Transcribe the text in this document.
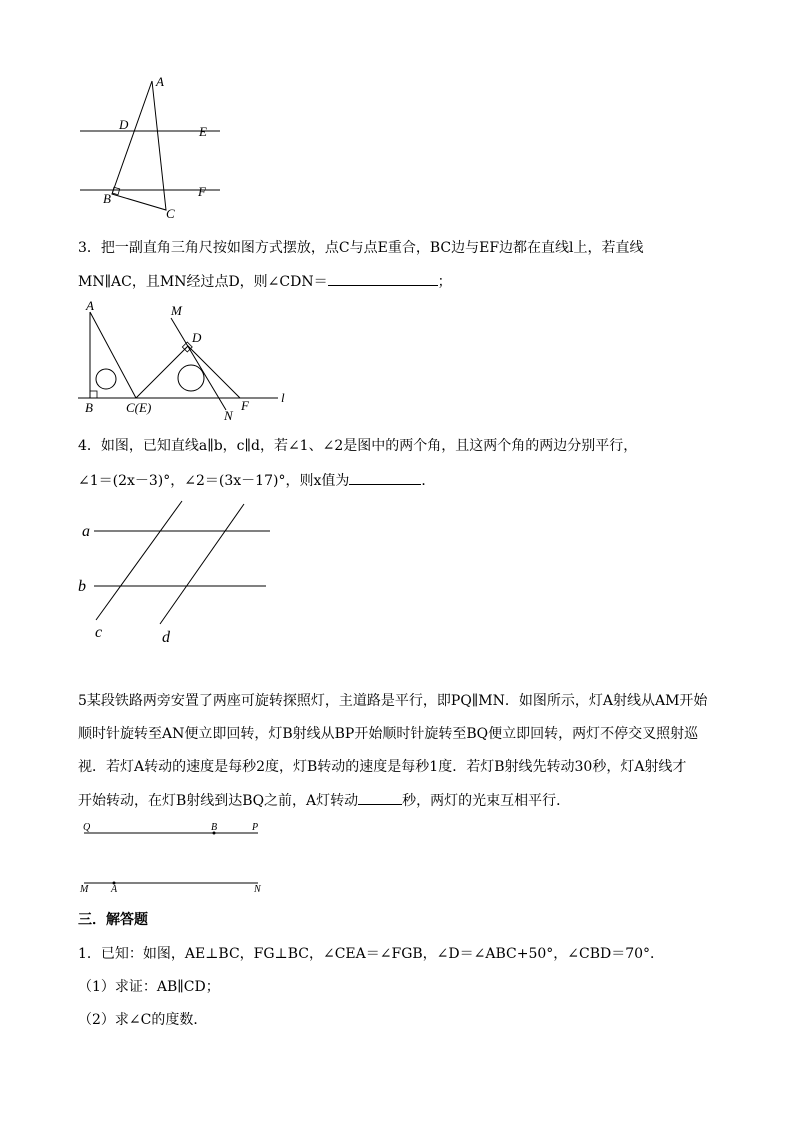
A
D	E
B	F
C
3．把一副直角三角尺按如图方式摆放，点C与点E重合，BC边与EF边都在直线l上，若直线
MN∥AC，且MN经过点D，则∠CDN＝	；
A	M
D
B	C(E)
N
F
l
4．如图，已知直线a∥b，c∥d，若∠1、∠2是图中的两个角，且这两个角的两边分别平行，
∠1＝(2x－3)°，∠2＝(3x－17)°，则x值为	．
a
b
c	d
5某段铁路两旁安置了两座可旋转探照灯，主道路是平行，即PQ∥MN．如图所示，灯A射线从AM开始
顺时针旋转至AN便立即回转，灯B射线从BP开始顺时针旋转至BQ便立即回转，两灯不停交叉照射巡
视．若灯A转动的速度是每秒2度，灯B转动的速度是每秒1度．若灯B射线先转动30秒，灯A射线才
开始转动，在灯B射线到达BQ之前，A灯转动	秒，两灯的光束互相平行．
Q	B	P
M A	N
三．解答题
1．已知：如图，AE⊥BC，FG⊥BC，∠CEA＝∠FGB，∠D＝∠ABC+50°，∠CBD＝70°．
（1）求证：AB∥CD；
（2）求∠C的度数．
